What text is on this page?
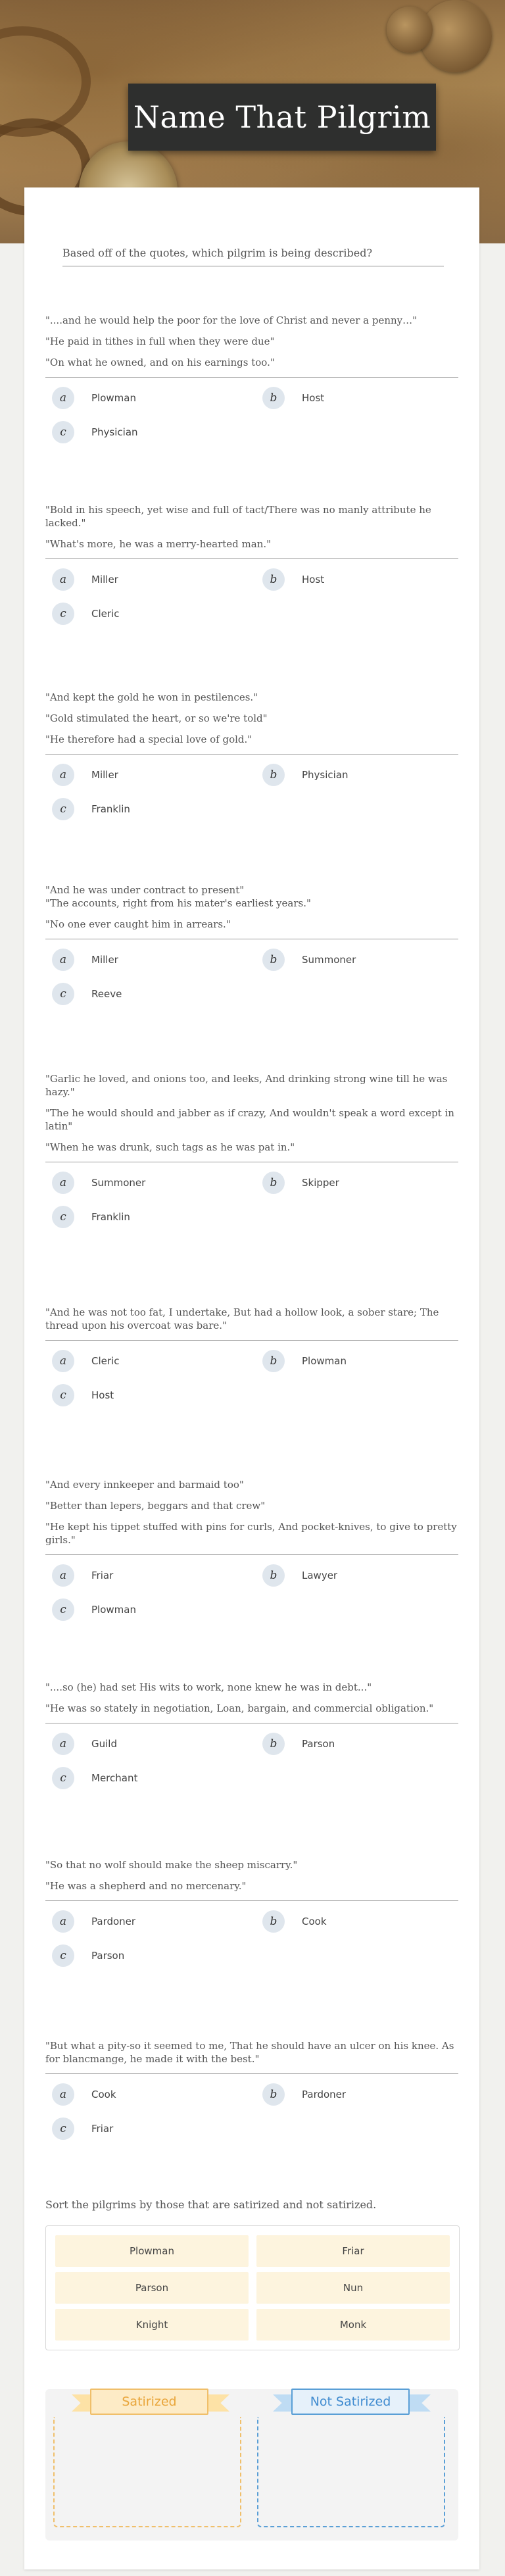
Name That Pilgrim
Based off of the quotes, which pilgrim is being described?

"....and he would help the poor for the love of Christ and never a penny…"

"He paid in tithes in full when they were due"

"On what he owned, and on his earnings too."

a	Plowman	b	Host
c	Physician

"Bold in his speech, yet wise and full of tact/There was no manly attribute he lacked."

"What's more, he was a merry-hearted man."

a	Miller	b	Host
c	Cleric

"And kept the gold he won in pestilences."

"Gold stimulated the heart, or so we're told"

"He therefore had a special love of gold."

a	Miller	b	Physician
c	Franklin

"And he was under contract to present"
"The accounts, right from his mater's earliest years."

"No one ever caught him in arrears."

a	Miller	b	Summoner
c	Reeve

"Garlic he loved, and onions too, and leeks, And drinking strong wine till he was hazy."

"The he would should and jabber as if crazy, And wouldn't speak a word except in latin"

"When he was drunk, such tags as he was pat in."

a	Summoner	b	Skipper
c	Franklin

"And he was not too fat, I undertake, But had a hollow look, a sober stare; The thread upon his overcoat was bare."

a	Cleric	b	Plowman
c	Host

"And every innkeeper and barmaid too"

"Better than lepers, beggars and that crew"

"He kept his tippet stuffed with pins for curls, And pocket-knives, to give to pretty girls."

a	Friar	b	Lawyer
c	Plowman

"....so (he) had set His wits to work, none knew he was in debt..."

"He was so stately in negotiation, Loan, bargain, and commercial obligation."

a	Guild	b	Parson
c	Merchant

"So that no wolf should make the sheep miscarry."

"He was a shepherd and no mercenary."

a	Pardoner	b	Cook
c	Parson

"But what a pity-so it seemed to me, That he should have an ulcer on his knee. As for blancmange, he made it with the best."

a	Cook	b	Pardoner
c	Friar
Sort the pilgrims by those that are satirized and not satirized.
Plowman	Friar
Parson	Nun
Knight	Monk
Satirized	Not Satirized
